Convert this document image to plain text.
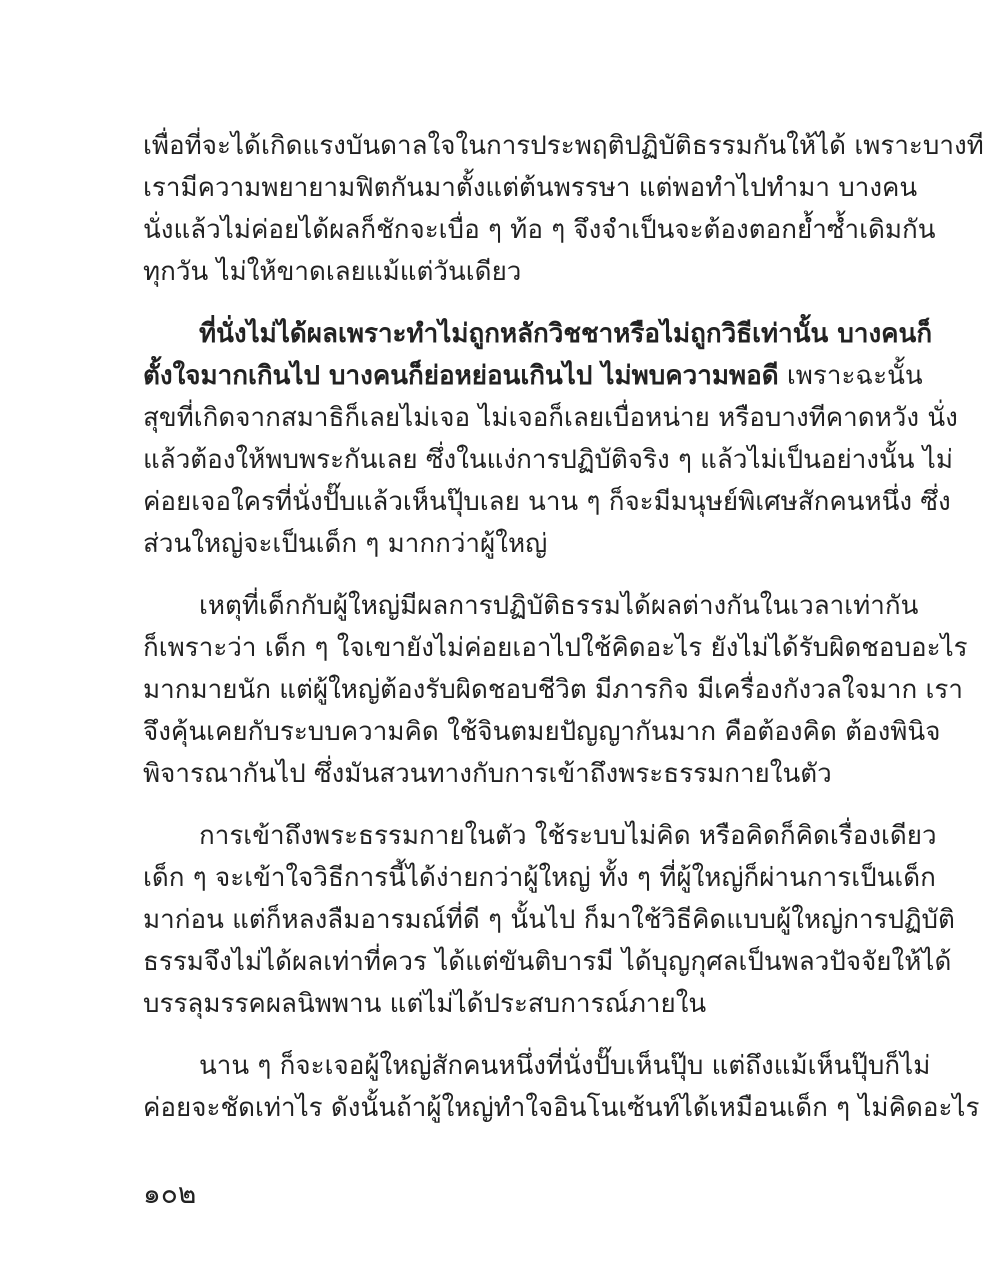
เพื่อที่จะได้เกิดแรงบันดาลใจในการประพฤติปฏิบัติธรรมกันให้ได้ เพราะบางที
เรามีความพยายามฟิตกันมาตั้งแต่ต้นพรรษา แต่พอทำไปทำมา บางคน
นั่งแล้วไม่ค่อยได้ผลก็ชักจะเบื่อ ๆ ท้อ ๆ จึงจำเป็นจะต้องตอกย้ำซ้ำเดิมกัน
ทุกวัน ไม่ให้ขาดเลยแม้แต่วันเดียว
ที่นั่งไม่ได้ผลเพราะทำไม่ถูกหลักวิชชาหรือไม่ถูกวิธีเท่านั้น บางคนก็
ตั้งใจมากเกินไป บางคนก็ย่อหย่อนเกินไป ไม่พบความพอดี เพราะฉะนั้น
สุขที่เกิดจากสมาธิก็เลยไม่เจอ ไม่เจอก็เลยเบื่อหน่าย หรือบางทีคาดหวัง นั่ง
แล้วต้องให้พบพระกันเลย ซึ่งในแง่การปฏิบัติจริง ๆ แล้วไม่เป็นอย่างนั้น ไม่
ค่อยเจอใครที่นั่งปั๊บแล้วเห็นปุ๊บเลย นาน ๆ ก็จะมีมนุษย์พิเศษสักคนหนึ่ง ซึ่ง
ส่วนใหญ่จะเป็นเด็ก ๆ มากกว่าผู้ใหญ่
เหตุที่เด็กกับผู้ใหญ่มีผลการปฏิบัติธรรมได้ผลต่างกันในเวลาเท่ากัน
ก็เพราะว่า เด็ก ๆ ใจเขายังไม่ค่อยเอาไปใช้คิดอะไร ยังไม่ได้รับผิดชอบอะไร
มากมายนัก แต่ผู้ใหญ่ต้องรับผิดชอบชีวิต มีภารกิจ มีเครื่องกังวลใจมาก เรา
จึงคุ้นเคยกับระบบความคิด ใช้จินตมยปัญญากันมาก คือต้องคิด ต้องพินิจ
พิจารณากันไป ซึ่งมันสวนทางกับการเข้าถึงพระธรรมกายในตัว
การเข้าถึงพระธรรมกายในตัว ใช้ระบบไม่คิด หรือคิดก็คิดเรื่องเดียว
เด็ก ๆ จะเข้าใจวิธีการนี้ได้ง่ายกว่าผู้ใหญ่ ทั้ง ๆ ที่ผู้ใหญ่ก็ผ่านการเป็นเด็ก
มาก่อน แต่ก็หลงลืมอารมณ์ที่ดี ๆ นั้นไป ก็มาใช้วิธีคิดแบบผู้ใหญ่การปฏิบัติ
ธรรมจึงไม่ได้ผลเท่าที่ควร ได้แต่ขันติบารมี ได้บุญกุศลเป็นพลวปัจจัยให้ได้
บรรลุมรรคผลนิพพาน แต่ไม่ได้ประสบการณ์ภายใน
นาน ๆ ก็จะเจอผู้ใหญ่สักคนหนึ่งที่นั่งปั๊บเห็นปุ๊บ แต่ถึงแม้เห็นปุ๊บก็ไม่
ค่อยจะชัดเท่าไร ดังนั้นถ้าผู้ใหญ่ทำใจอินโนเซ้นท์ได้เหมือนเด็ก ๆ ไม่คิดอะไร
๑๐๒
